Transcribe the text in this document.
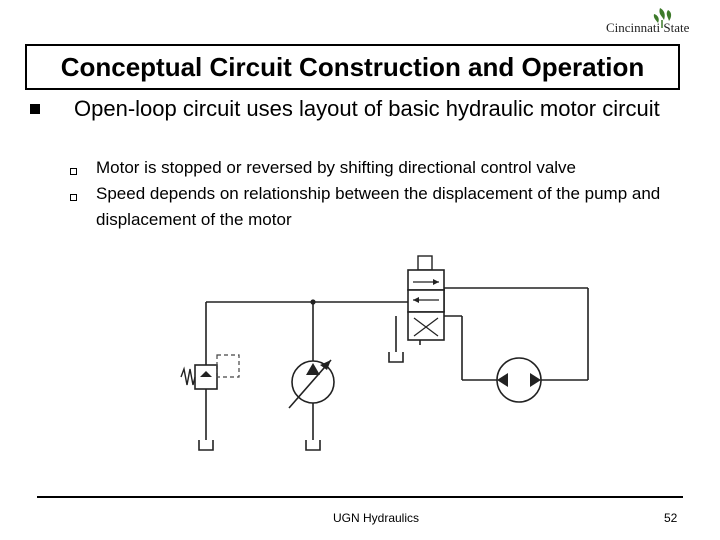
Cincinnati State
Conceptual Circuit Construction and Operation
Open-loop circuit uses layout of basic hydraulic motor circuit
Motor is stopped or reversed by shifting directional control valve
Speed depends on relationship between the displacement of the pump and displacement of the motor
UGN Hydraulics	52
